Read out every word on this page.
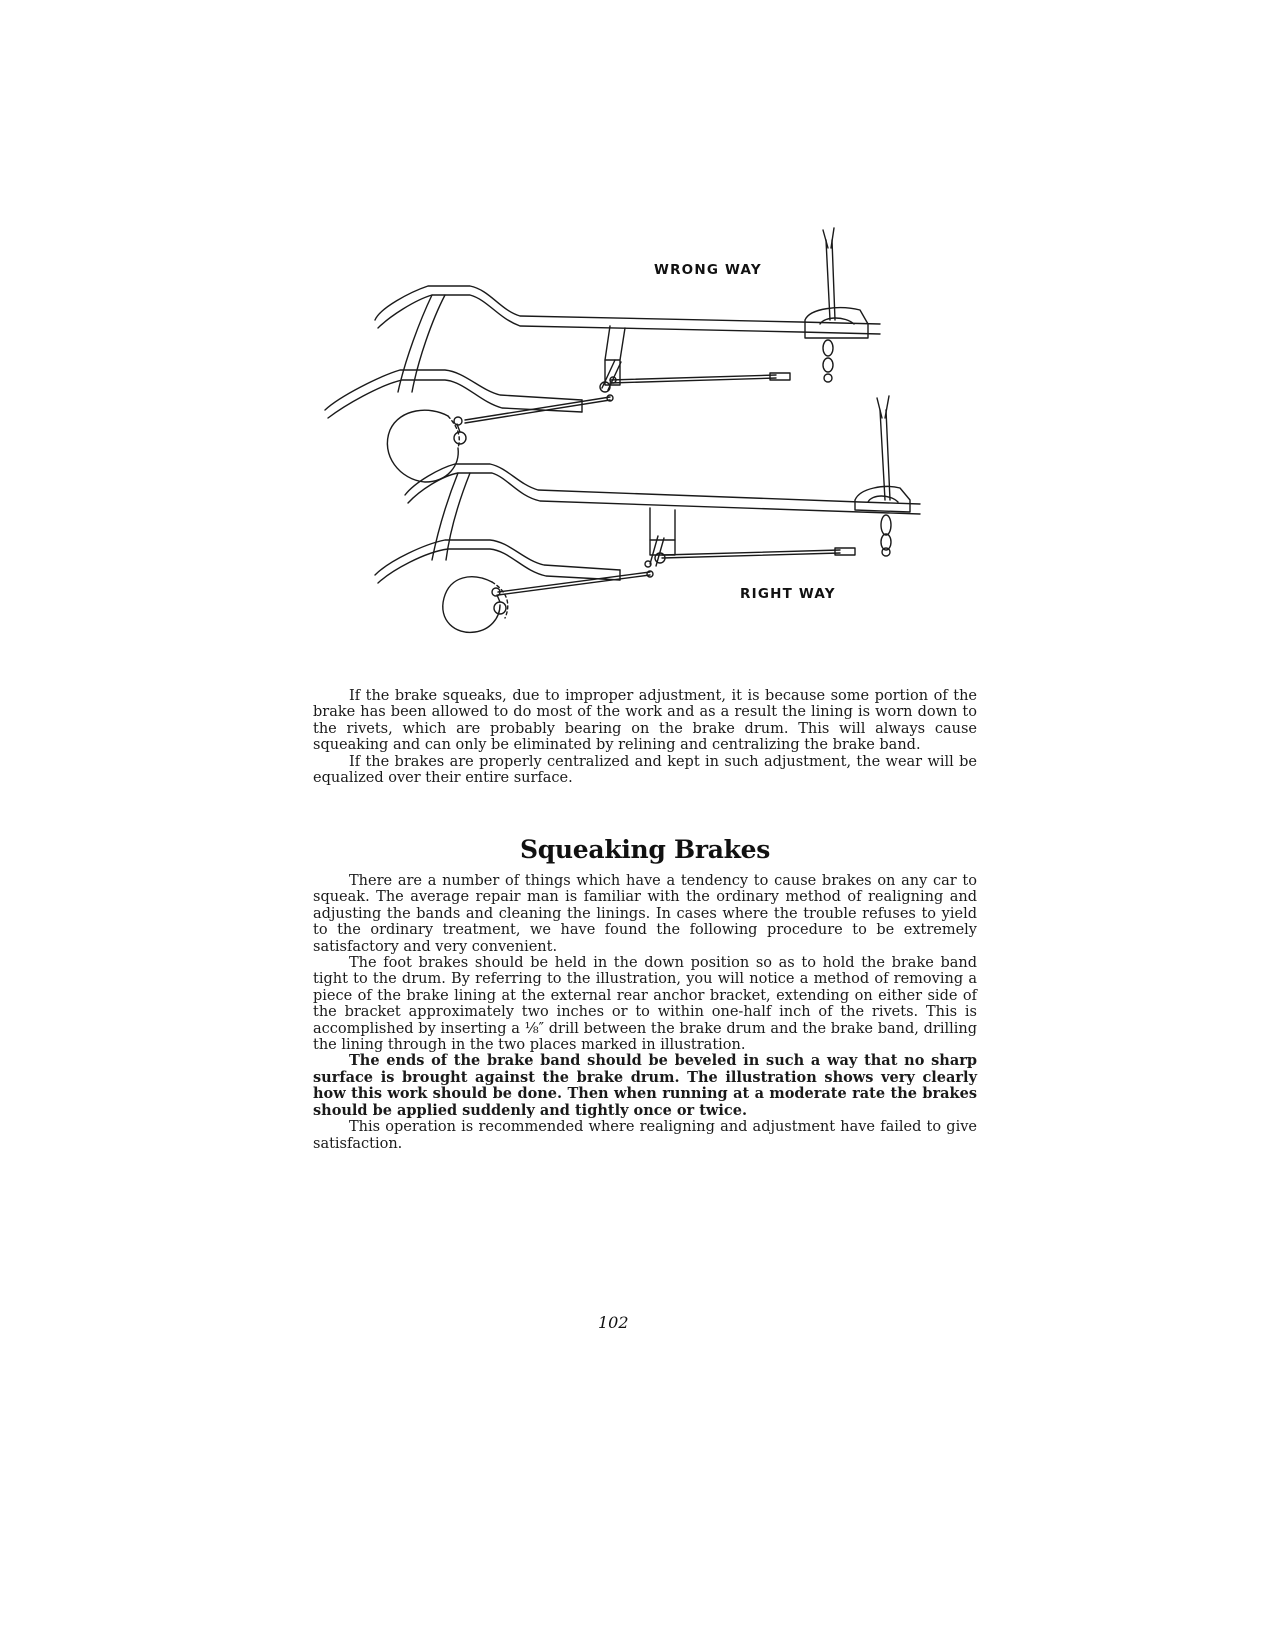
WRONG WAY
RIGHT WAY

If the brake squeaks, due to improper adjustment, it is because some portion of the brake has been allowed to do most of the work and as a result the lining is worn down to the rivets, which are probably bearing on the brake drum. This will always cause squeaking and can only be eliminated by relining and centralizing the brake band.

If the brakes are properly centralized and kept in such adjustment, the wear will be equalized over their entire surface.

Squeaking Brakes

There are a number of things which have a tendency to cause brakes on any car to squeak. The average repair man is familiar with the ordinary method of realigning and adjusting the bands and cleaning the linings. In cases where the trouble refuses to yield to the ordinary treatment, we have found the following procedure to be extremely satisfactory and very convenient.

The foot brakes should be held in the down position so as to hold the brake band tight to the drum. By referring to the illustration, you will notice a method of removing a piece of the brake lining at the external rear anchor bracket, extending on either side of the bracket approximately two inches or to within one-half inch of the rivets. This is accomplished by inserting a ⅛″ drill between the brake drum and the brake band, drilling the lining through in the two places marked in illustration.

The ends of the brake band should be beveled in such a way that no sharp surface is brought against the brake drum. The illustration shows very clearly how this work should be done. Then when running at a moderate rate the brakes should be applied suddenly and tightly once or twice.

This operation is recommended where realigning and adjustment have failed to give satisfaction.

102
